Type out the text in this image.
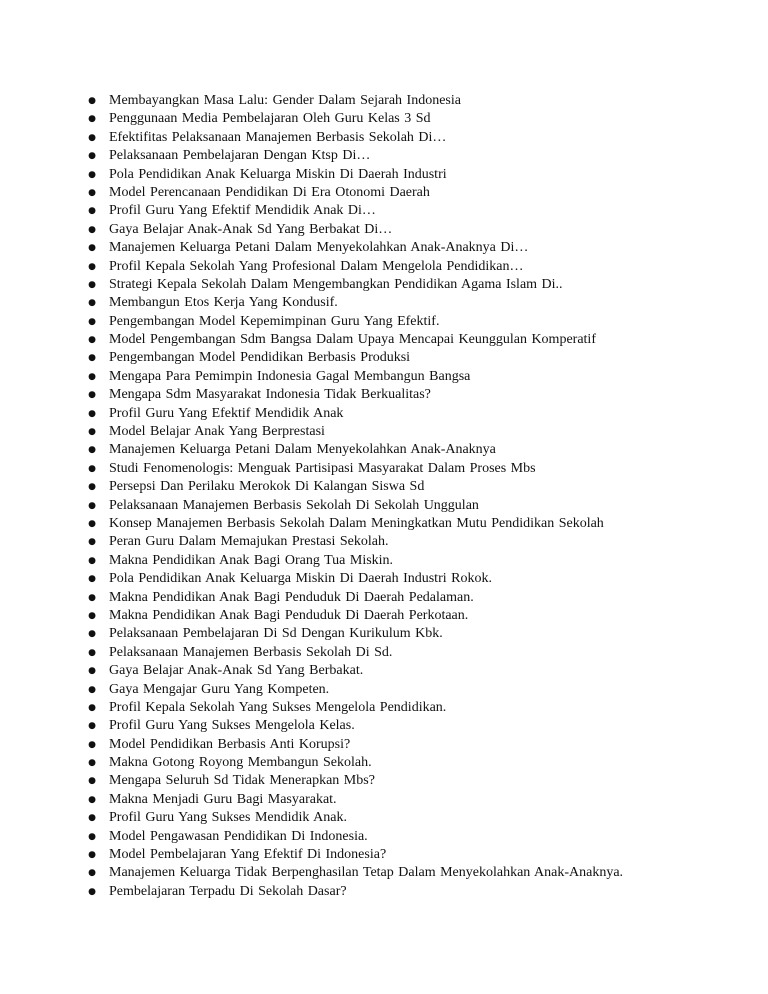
● Membayangkan Masa Lalu: Gender Dalam Sejarah Indonesia
● Penggunaan Media Pembelajaran Oleh Guru Kelas 3 Sd
● Efektifitas Pelaksanaan Manajemen Berbasis Sekolah Di…
● Pelaksanaan Pembelajaran Dengan Ktsp Di…
● Pola Pendidikan Anak Keluarga Miskin Di Daerah Industri
● Model Perencanaan Pendidikan Di Era Otonomi Daerah
● Profil Guru Yang Efektif Mendidik Anak Di…
● Gaya Belajar Anak-Anak Sd Yang Berbakat Di…
● Manajemen Keluarga Petani Dalam Menyekolahkan Anak-Anaknya Di…
● Profil Kepala Sekolah Yang Profesional Dalam Mengelola Pendidikan…
● Strategi Kepala Sekolah Dalam Mengembangkan Pendidikan Agama Islam Di..
● Membangun Etos Kerja Yang Kondusif.
● Pengembangan Model Kepemimpinan Guru Yang Efektif.
● Model Pengembangan Sdm Bangsa Dalam Upaya Mencapai Keunggulan Komperatif
● Pengembangan Model Pendidikan Berbasis Produksi
● Mengapa Para Pemimpin Indonesia Gagal Membangun Bangsa
● Mengapa Sdm Masyarakat Indonesia Tidak Berkualitas?
● Profil Guru Yang Efektif Mendidik Anak
● Model Belajar Anak Yang Berprestasi
● Manajemen Keluarga Petani Dalam Menyekolahkan Anak-Anaknya
● Studi Fenomenologis: Menguak Partisipasi Masyarakat Dalam Proses Mbs
● Persepsi Dan Perilaku Merokok Di Kalangan Siswa Sd
● Pelaksanaan Manajemen Berbasis Sekolah Di Sekolah Unggulan
● Konsep Manajemen Berbasis Sekolah Dalam Meningkatkan Mutu Pendidikan Sekolah
● Peran Guru Dalam Memajukan Prestasi Sekolah.
● Makna Pendidikan Anak Bagi Orang Tua Miskin.
● Pola Pendidikan Anak Keluarga Miskin Di Daerah Industri Rokok.
● Makna Pendidikan Anak Bagi Penduduk Di Daerah Pedalaman.
● Makna Pendidikan Anak Bagi Penduduk Di Daerah Perkotaan.
● Pelaksanaan Pembelajaran Di Sd Dengan Kurikulum Kbk.
● Pelaksanaan Manajemen Berbasis Sekolah Di Sd.
● Gaya Belajar Anak-Anak Sd Yang Berbakat.
● Gaya Mengajar Guru Yang Kompeten.
● Profil Kepala Sekolah Yang Sukses Mengelola Pendidikan.
● Profil Guru Yang Sukses Mengelola Kelas.
● Model Pendidikan Berbasis Anti Korupsi?
● Makna Gotong Royong Membangun Sekolah.
● Mengapa Seluruh Sd Tidak Menerapkan Mbs?
● Makna Menjadi Guru Bagi Masyarakat.
● Profil Guru Yang Sukses Mendidik Anak.
● Model Pengawasan Pendidikan Di Indonesia.
● Model Pembelajaran Yang Efektif Di Indonesia?
● Manajemen Keluarga Tidak Berpenghasilan Tetap Dalam Menyekolahkan Anak-Anaknya.
● Pembelajaran Terpadu Di Sekolah Dasar?
